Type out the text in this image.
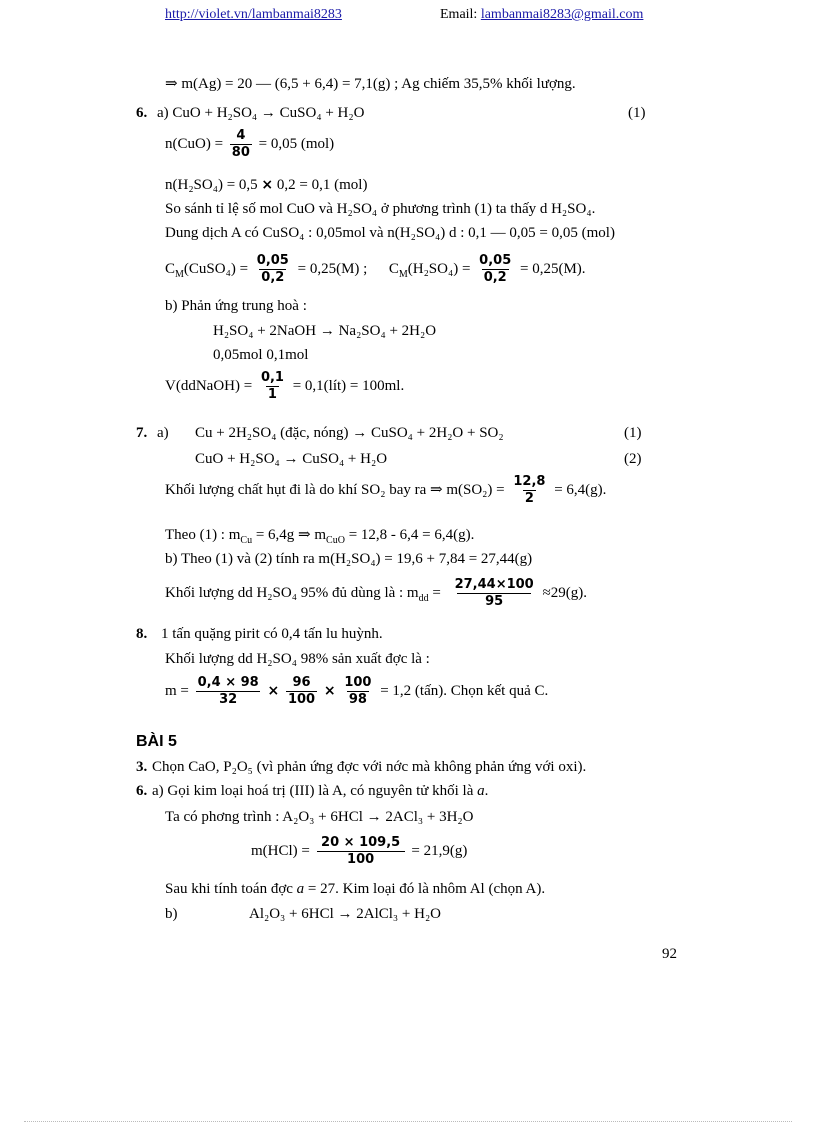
http://violet.vn/lambanmai8283	Email: lambanmai8283@gmail.com
⇒ m(Ag) = 20 — (6,5 + 6,4) = 7,1(g) ; Ag chiếm 35,5% khối lượng.
6. a) CuO + H₂SO₄ → CuSO₄ + H₂O	(1)
$n(CuO) = \frac{4}{80} = 0,05$ (mol)
n(H₂SO₄) = 0,5 × 0,2 = 0,1 (mol)
So sánh tỉ lệ số mol CuO và H₂SO₄ ở phương trình (1) ta thấy d H₂SO₄.
Dung dịch A có CuSO₄ : 0,05mol và n(H₂SO₄) d : 0,1 — 0,05 = 0,05 (mol)
$C_M(CuSO_4) = \frac{0,05}{0,2} = 0,25(M)$ ; $C_M(H_2SO_4) = \frac{0,05}{0,2} = 0,25(M)$.
b) Phản ứng trung hoà :
H₂SO₄ + 2NaOH → Na₂SO₄ + 2H₂O
0,05mol 0,1mol
V(ddNaOH) = $\frac{0,1}{1}$ = 0,1(lít) = 100ml.
7. a) Cu + 2H₂SO₄ (đặc, nóng) → CuSO₄ + 2H₂O + SO₂	(1)
CuO + H₂SO₄ → CuSO₄ + H₂O	(2)
Khối lượng chất hụt đi là do khí SO₂ bay ra ⇒ $m(SO_2) = \frac{12,8}{2} = 6,4(g)$.
Theo (1) : $m_{Cu} = 6,4g$ ⇒ $m_{CuO} = 12,8 - 6,4 = 6,4(g)$.
b) Theo (1) và (2) tính ra m(H₂SO₄) = 19,6 + 7,84 = 27,44(g)
Khối lượng dd H₂SO₄ 95% đủ dùng là : $m_{dd} = \frac{27,44\times 100}{95} \approx 29(g)$.
8. 1 tấn quặng pirit có 0,4 tấn lu huỳnh.
Khối lượng dd H₂SO₄ 98% sản xuất đợc là :
$m = \frac{0,4 \times 98}{32} \times \frac{96}{100} \times \frac{100}{98} = 1,2$ (tấn). Chọn kết quả C.
BÀI 5
3. Chọn CaO, P₂O₅ (vì phản ứng đợc với nớc mà không phản ứng với oxi).
6. a) Gọi kim loại hoá trị (III) là A, có nguyên tử khối là a.
Ta có phơng trình : A₂O₃ + 6HCl → 2ACl₃ + 3H₂O
$m(HCl) = \frac{20 \times 109,5}{100} = 21,9(g)$
Sau khi tính toán đợc a = 27. Kim loại đó là nhôm Al (chọn A).
b)	Al₂O₃ + 6HCl → 2AlCl₃ + H₂O
92
